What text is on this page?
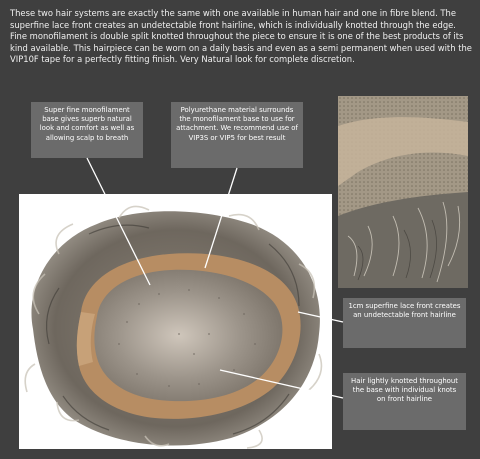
These two hair systems are exactly the same with one available in human hair and one in fibre blend. The superfine lace front creates an undetectable front hairline, which is individually knotted through the edge. Fine monofilament is double split knotted throughout the piece to ensure it is one of the best products of its kind available. This hairpiece can be worn on a daily basis and even as a semi permanent when used with the VIP10F tape for a perfectly fitting finish. Very Natural look for complete discretion.

Super fine monofilament base gives superb natural look and comfort as well as allowing scalp to breath
Polyurethane material surrounds the monofilament base to use for attachment. We recommend use of VIP3S or VIP5 for best result
1cm superfine lace front creates an undetectable front hairline
Hair lightly knotted throughout the base with individual knots on front hairline
